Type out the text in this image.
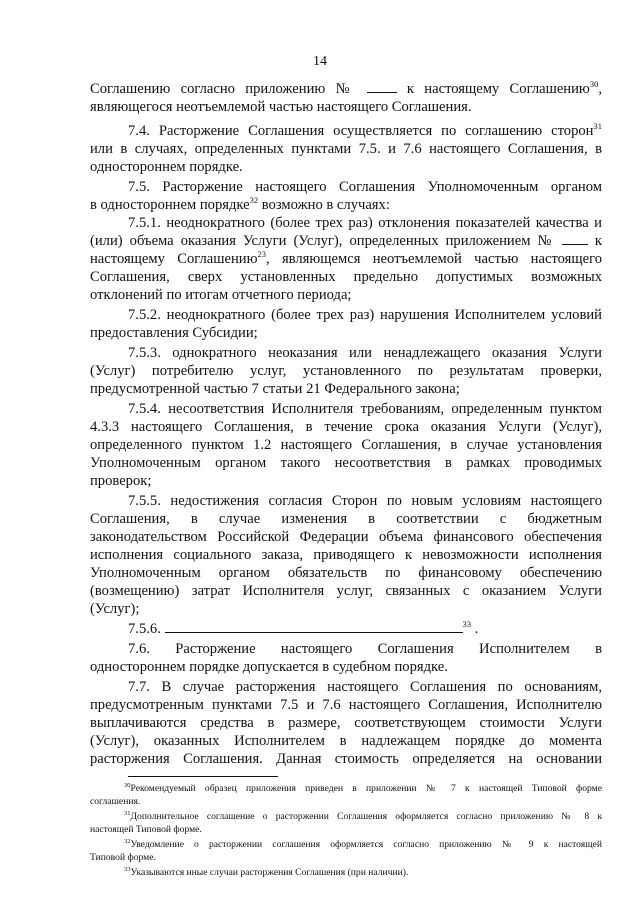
14
Соглашению согласно приложению №	к настоящему Соглашению$^{30}$,
являющегося неотъемлемой частью настоящего Соглашения.
7.4. Расторжение Соглашения осуществляется по соглашению сторон$^{31}$
или в случаях, определенных пунктами 7.5. и 7.6 настоящего Соглашения, в
одностороннем порядке.
7.5. Расторжение настоящего Соглашения Уполномоченным органом
в одностороннем порядке$^{32}$ возможно в случаях:
7.5.1. неоднократного (более трех раз) отклонения показателей качества и
(или) объема оказания Услуги (Услуг), определенных приложением №	к
настоящему Соглашению$^{23}$, являющемся неотъемлемой частью настоящего
Соглашения, сверх установленных предельно допустимых возможных
отклонений по итогам отчетного периода;
7.5.2. неоднократного (более трех раз) нарушения Исполнителем условий
предоставления Субсидии;
7.5.3. однократного неоказания или ненадлежащего оказания Услуги
(Услуг) потребителю услуг, установленного по результатам проверки,
предусмотренной частью 7 статьи 21 Федерального закона;
7.5.4. несоответствия Исполнителя требованиям, определенным пунктом
4.3.3 настоящего Соглашения, в течение срока оказания Услуги (Услуг),
определенного пунктом 1.2 настоящего Соглашения, в случае установления
Уполномоченным органом такого несоответствия в рамках проводимых
проверок;
7.5.5. недостижения согласия Сторон по новым условиям настоящего
Соглашения, в случае изменения в соответствии с бюджетным
законодательством Российской Федерации объема финансового обеспечения
исполнения социального заказа, приводящего к невозможности исполнения
Уполномоченным органом обязательств по финансовому обеспечению
(возмещению) затрат Исполнителя услуг, связанных с оказанием Услуги
(Услуг);
7.5.6.	$^{33}$ .
7.6. Расторжение настоящего Соглашения Исполнителем в
одностороннем порядке допускается в судебном порядке.
7.7. В случае расторжения настоящего Соглашения по основаниям,
предусмотренным пунктами 7.5 и 7.6 настоящего Соглашения, Исполнителю
выплачиваются средства в размере, соответствующем стоимости Услуги
(Услуг), оказанных Исполнителем в надлежащем порядке до момента
расторжения Соглашения. Данная стоимость определяется на основании
$^{30}$Рекомендуемый образец приложения приведен в приложении № 7 к настоящей Типовой форме
соглашения.
$^{31}$Дополнительное соглашение о расторжении Соглашения оформляется согласно приложению № 8 к
настоящей Типовой форме.
$^{32}$Уведомление о расторжении соглашения оформляется согласно приложению № 9 к настоящей
Типовой форме.
$^{33}$Указываются иные случаи расторжения Соглашения (при наличии).
